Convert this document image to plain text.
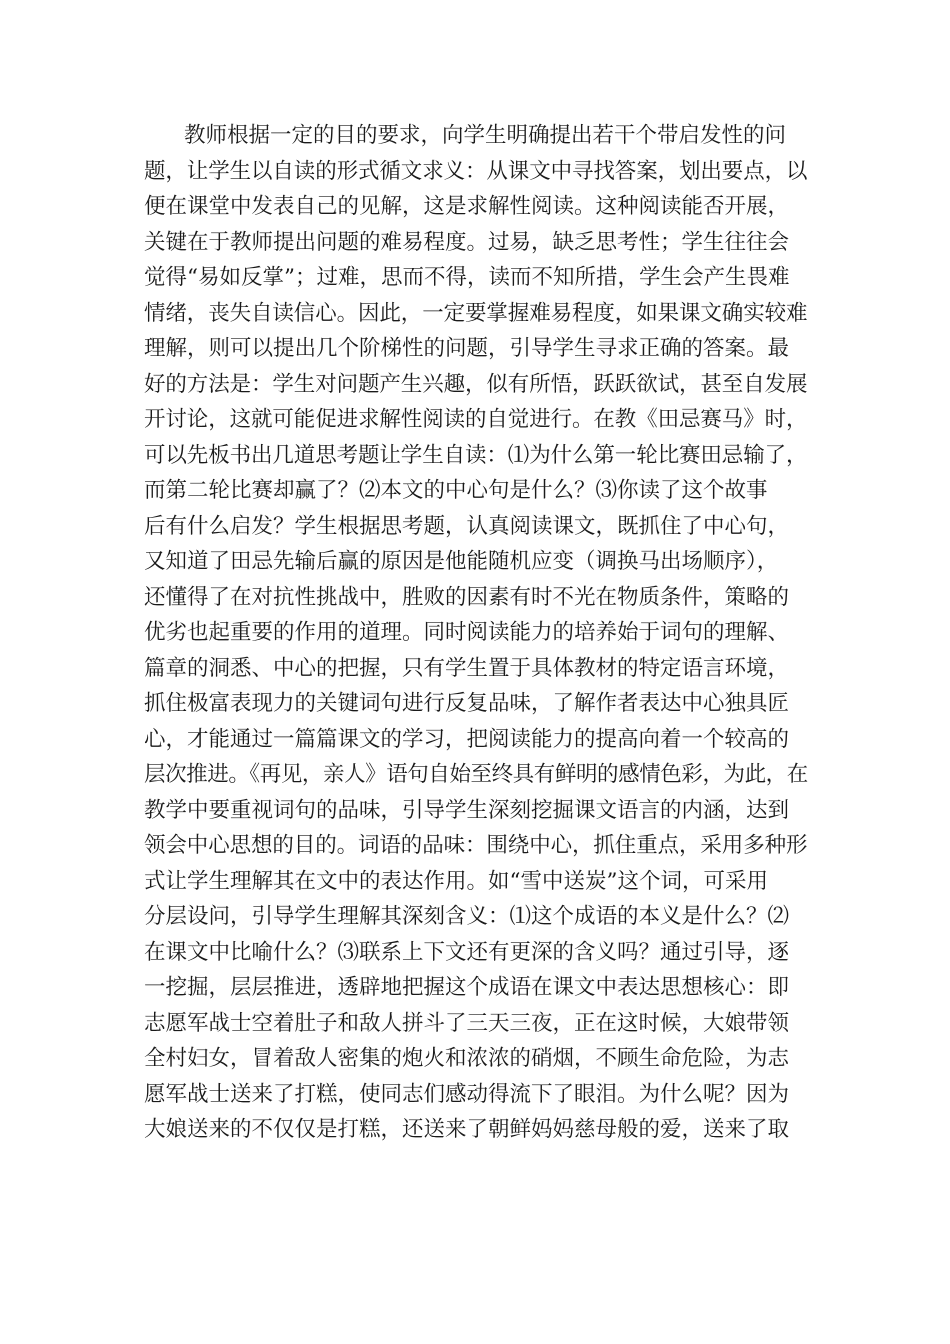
教师根据一定的目的要求，向学生明确提出若干个带启发性的问
题，让学生以自读的形式循文求义：从课文中寻找答案，划出要点，以
便在课堂中发表自己的见解，这是求解性阅读。这种阅读能否开展，
关键在于教师提出问题的难易程度。过易，缺乏思考性；学生往往会
觉得“易如反掌”；过难，思而不得，读而不知所措，学生会产生畏难
情绪，丧失自读信心。因此，一定要掌握难易程度，如果课文确实较难
理解，则可以提出几个阶梯性的问题，引导学生寻求正确的答案。最
好的方法是：学生对问题产生兴趣，似有所悟，跃跃欲试，甚至自发展
开讨论，这就可能促进求解性阅读的自觉进行。在教《田忌赛马》时，
可以先板书出几道思考题让学生自读：⑴为什么第一轮比赛田忌输了，
而第二轮比赛却赢了？⑵本文的中心句是什么？⑶你读了这个故事
后有什么启发？学生根据思考题，认真阅读课文，既抓住了中心句，
又知道了田忌先输后赢的原因是他能随机应变（调换马出场顺序），
还懂得了在对抗性挑战中，胜败的因素有时不光在物质条件，策略的
优劣也起重要的作用的道理。同时阅读能力的培养始于词句的理解、
篇章的洞悉、中心的把握，只有学生置于具体教材的特定语言环境，
抓住极富表现力的关键词句进行反复品味，了解作者表达中心独具匠
心，才能通过一篇篇课文的学习，把阅读能力的提高向着一个较高的
层次推进。《再见，亲人》语句自始至终具有鲜明的感情色彩，为此，在
教学中要重视词句的品味，引导学生深刻挖掘课文语言的内涵，达到
领会中心思想的目的。词语的品味：围绕中心，抓住重点，采用多种形
式让学生理解其在文中的表达作用。如“雪中送炭”这个词，可采用
分层设问，引导学生理解其深刻含义：⑴这个成语的本义是什么？⑵
在课文中比喻什么？⑶联系上下文还有更深的含义吗？通过引导，逐
一挖掘，层层推进，透辟地把握这个成语在课文中表达思想核心：即
志愿军战士空着肚子和敌人拼斗了三天三夜，正在这时候，大娘带领
全村妇女，冒着敌人密集的炮火和浓浓的硝烟，不顾生命危险，为志
愿军战士送来了打糕，使同志们感动得流下了眼泪。为什么呢？因为
大娘送来的不仅仅是打糕，还送来了朝鲜妈妈慈母般的爱，送来了取
